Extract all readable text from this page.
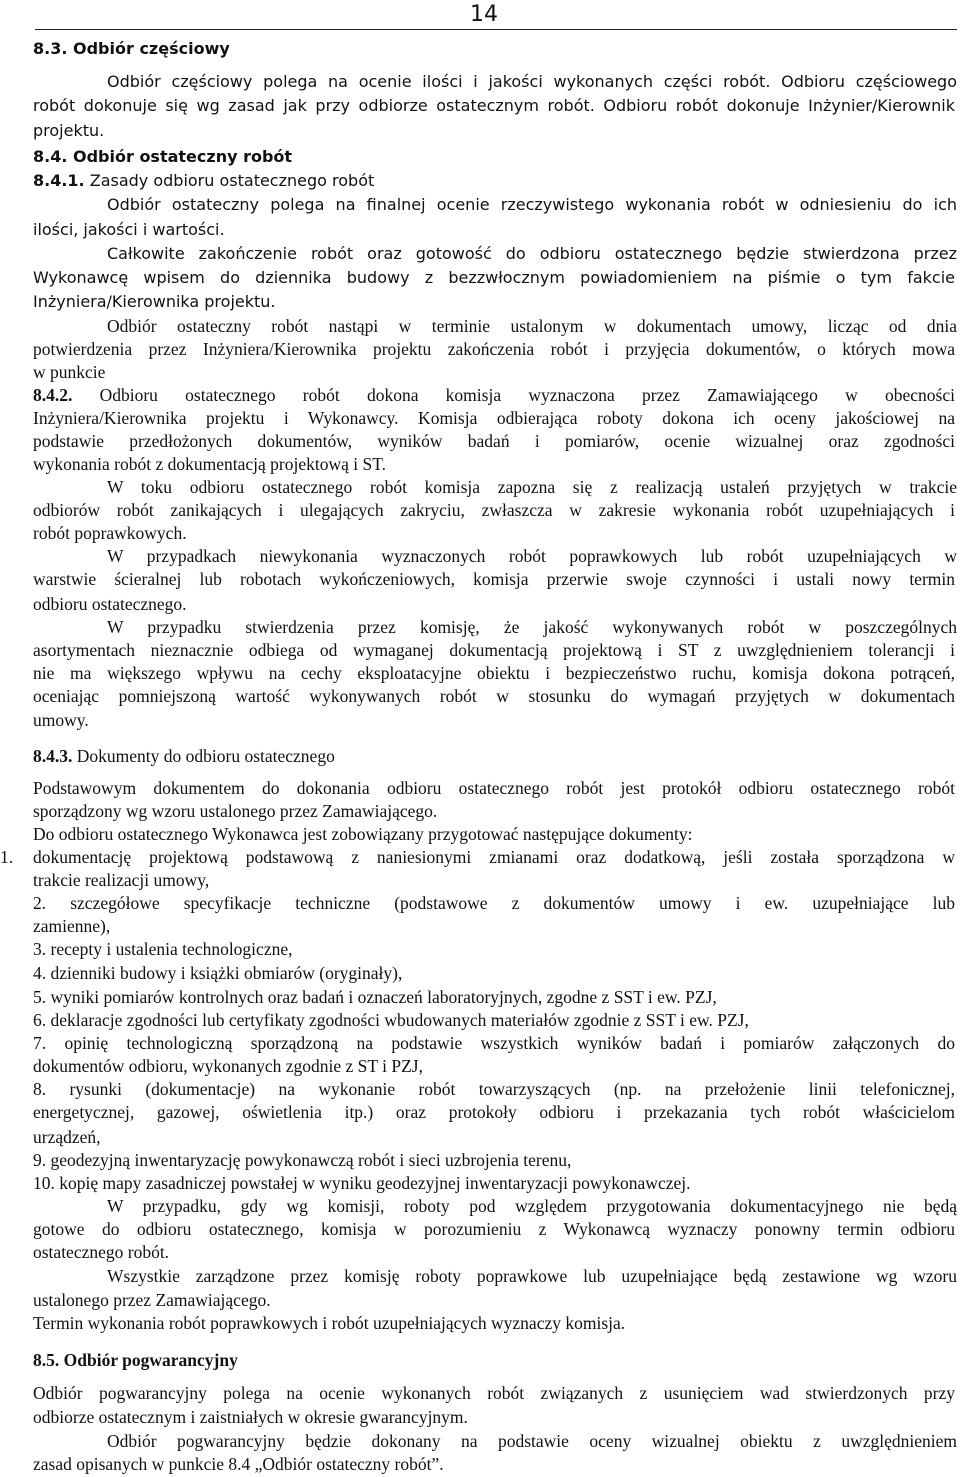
14
8.3. Odbiór częściowy
Odbiór częściowy polega na ocenie ilości i jakości wykonanych części robót. Odbioru częściowego
robót dokonuje się wg zasad jak przy odbiorze ostatecznym robót. Odbioru robót dokonuje Inżynier/Kierownik
projektu.
8.4. Odbiór ostateczny robót
8.4.1. Zasady odbioru ostatecznego robót
Odbiór ostateczny polega na finalnej ocenie rzeczywistego wykonania robót w odniesieniu do ich
ilości, jakości i wartości.
Całkowite zakończenie robót oraz gotowość do odbioru ostatecznego będzie stwierdzona przez
Wykonawcę wpisem do dziennika budowy z bezzwłocznym powiadomieniem na piśmie o tym fakcie
Inżyniera/Kierownika projektu.
Odbiór ostateczny robót nastąpi w terminie ustalonym w dokumentach umowy, licząc od dnia
potwierdzenia przez Inżyniera/Kierownika projektu zakończenia robót i przyjęcia dokumentów, o których mowa
w punkcie
8.4.2. Odbioru ostatecznego robót dokona komisja wyznaczona przez Zamawiającego w obecności
Inżyniera/Kierownika projektu i Wykonawcy. Komisja odbierająca roboty dokona ich oceny jakościowej na
podstawie przedłożonych dokumentów, wyników badań i pomiarów, ocenie wizualnej oraz zgodności
wykonania robót z dokumentacją projektową i ST.
W toku odbioru ostatecznego robót komisja zapozna się z realizacją ustaleń przyjętych w trakcie
odbiorów robót zanikających i ulegających zakryciu, zwłaszcza w zakresie wykonania robót uzupełniających i
robót poprawkowych.
W przypadkach niewykonania wyznaczonych robót poprawkowych lub robót uzupełniających w
warstwie ścieralnej lub robotach wykończeniowych, komisja przerwie swoje czynności i ustali nowy termin
odbioru ostatecznego.
W przypadku stwierdzenia przez komisję, że jakość wykonywanych robót w poszczególnych
asortymentach nieznacznie odbiega od wymaganej dokumentacją projektową i ST z uwzględnieniem tolerancji i
nie ma większego wpływu na cechy eksploatacyjne obiektu i bezpieczeństwo ruchu, komisja dokona potrąceń,
oceniając pomniejszoną wartość wykonywanych robót w stosunku do wymagań przyjętych w dokumentach
umowy.
8.4.3. Dokumenty do odbioru ostatecznego
Podstawowym dokumentem do dokonania odbioru ostatecznego robót jest protokół odbioru ostatecznego robót
sporządzony wg wzoru ustalonego przez Zamawiającego.
Do odbioru ostatecznego Wykonawca jest zobowiązany przygotować następujące dokumenty:
1. dokumentację projektową podstawową z naniesionymi zmianami oraz dodatkową, jeśli została sporządzona w
trakcie realizacji umowy,
2. szczegółowe specyfikacje techniczne (podstawowe z dokumentów umowy i ew. uzupełniające lub
zamienne),
3. recepty i ustalenia technologiczne,
4. dzienniki budowy i książki obmiarów (oryginały),
5. wyniki pomiarów kontrolnych oraz badań i oznaczeń laboratoryjnych, zgodne z SST i ew. PZJ,
6. deklaracje zgodności lub certyfikaty zgodności wbudowanych materiałów zgodnie z SST i ew. PZJ,
7. opinię technologiczną sporządzoną na podstawie wszystkich wyników badań i pomiarów załączonych do
dokumentów odbioru, wykonanych zgodnie z ST i PZJ,
8. rysunki (dokumentacje) na wykonanie robót towarzyszących (np. na przełożenie linii telefonicznej,
energetycznej, gazowej, oświetlenia itp.) oraz protokoły odbioru i przekazania tych robót właścicielom
urządzeń,
9. geodezyjną inwentaryzację powykonawczą robót i sieci uzbrojenia terenu,
10. kopię mapy zasadniczej powstałej w wyniku geodezyjnej inwentaryzacji powykonawczej.
W przypadku, gdy wg komisji, roboty pod względem przygotowania dokumentacyjnego nie będą
gotowe do odbioru ostatecznego, komisja w porozumieniu z Wykonawcą wyznaczy ponowny termin odbioru
ostatecznego robót.
Wszystkie zarządzone przez komisję roboty poprawkowe lub uzupełniające będą zestawione wg wzoru
ustalonego przez Zamawiającego.
Termin wykonania robót poprawkowych i robót uzupełniających wyznaczy komisja.
8.5. Odbiór pogwarancyjny
Odbiór pogwarancyjny polega na ocenie wykonanych robót związanych z usunięciem wad stwierdzonych przy
odbiorze ostatecznym i zaistniałych w okresie gwarancyjnym.
Odbiór pogwarancyjny będzie dokonany na podstawie oceny wizualnej obiektu z uwzględnieniem
zasad opisanych w punkcie 8.4 „Odbiór ostateczny robót”.
